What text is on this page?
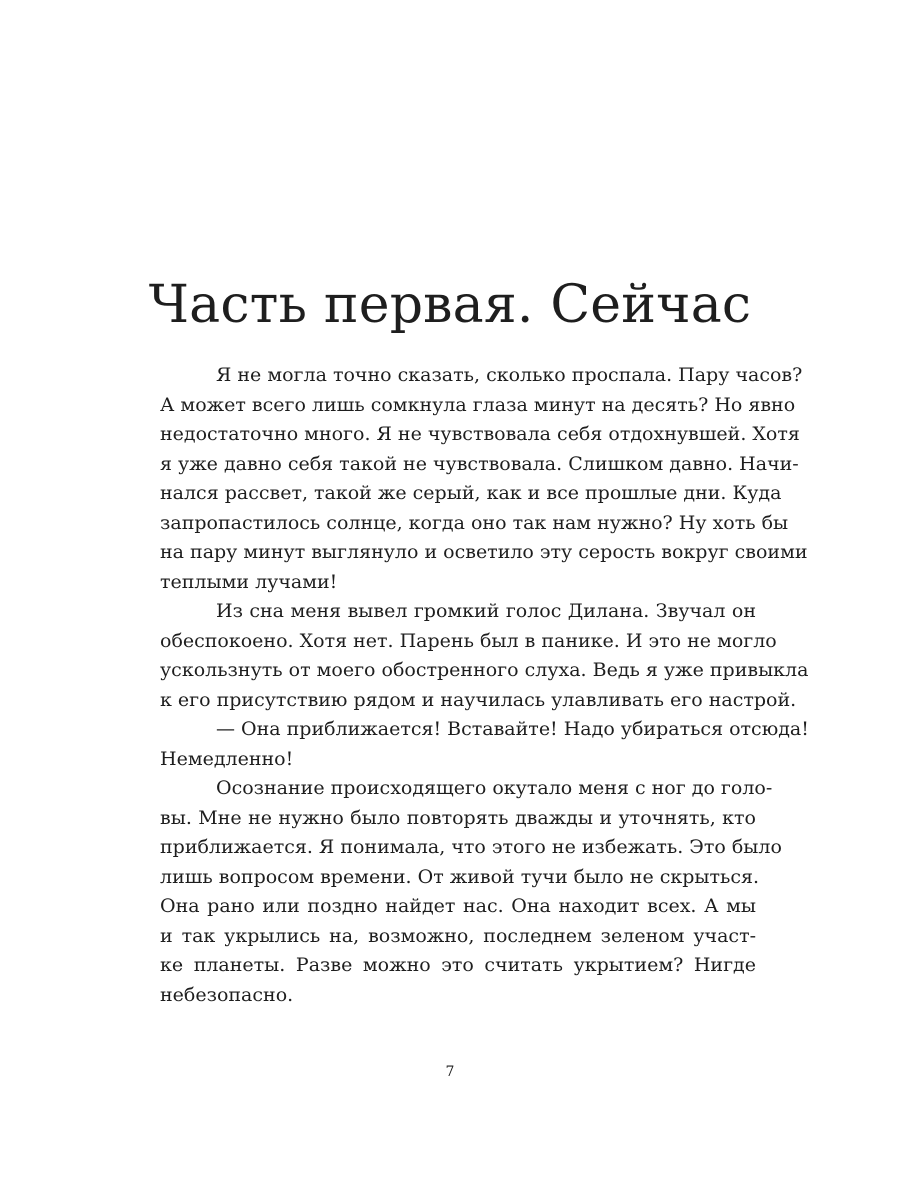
Часть первая. Сейчас
Я не могла точно сказать, сколько проспала. Пару часов?
А может всего лишь сомкнула глаза минут на десять? Но явно
недостаточно много. Я не чувствовала себя отдохнувшей. Хотя
я уже давно себя такой не чувствовала. Слишком давно. Начи-
нался рассвет, такой же серый, как и все прошлые дни. Куда
запропастилось солнце, когда оно так нам нужно? Ну хоть бы
на пару минут выглянуло и осветило эту серость вокруг своими
теплыми лучами!
Из сна меня вывел громкий голос Дилана. Звучал он
обеспокоено. Хотя нет. Парень был в панике. И это не могло
ускользнуть от моего обостренного слуха. Ведь я уже привыкла
к его присутствию рядом и научилась улавливать его настрой.
— Она приближается! Вставайте! Надо убираться отсюда!
Немедленно!
Осознание происходящего окутало меня с ног до голо-
вы. Мне не нужно было повторять дважды и уточнять, кто
приближается. Я понимала, что этого не избежать. Это было
лишь вопросом времени. От живой тучи было не скрыться.
Она рано или поздно найдет нас. Она находит всех. А мы
и так укрылись на, возможно, последнем зеленом участ-
ке планеты. Разве можно это считать укрытием? Нигде
небезопасно.
7
